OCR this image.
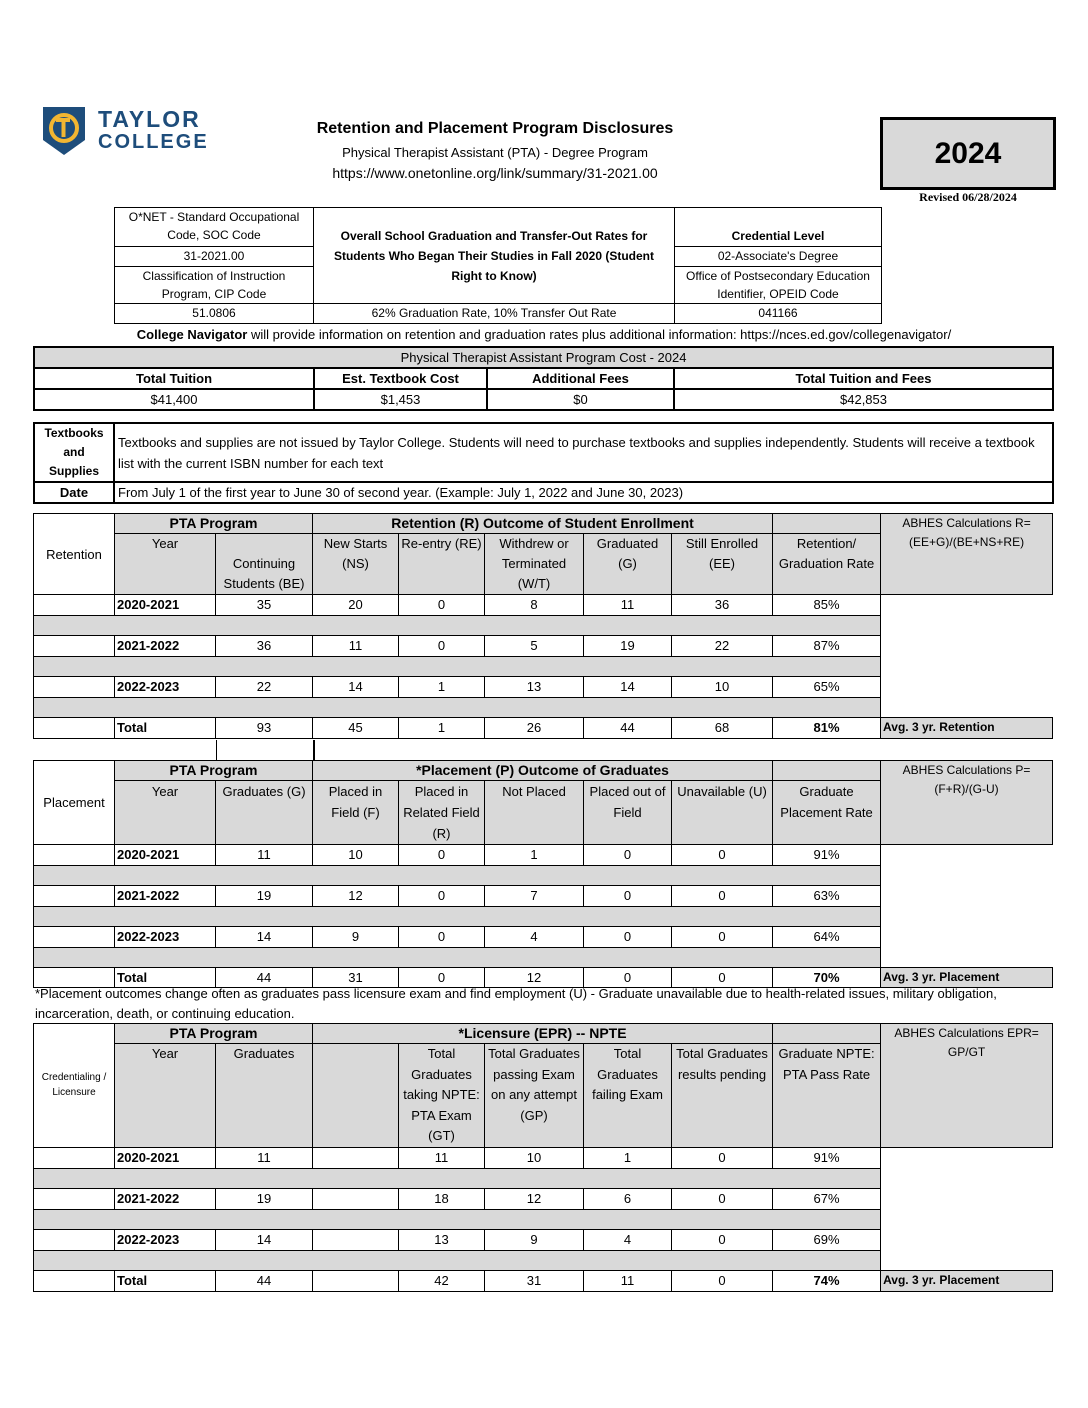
TAYLOR
COLLEGE
Retention and Placement Program Disclosures
Physical Therapist Assistant (PTA) - Degree Program
https://www.onetonline.org/link/summary/31-2021.00
2024
Revised 06/28/2024
O*NET - Standard Occupational Code, SOC Code	Overall School Graduation and Transfer-Out Rates for Students Who Began Their Studies in Fall 2020 (Student Right to Know)	Credential Level
31-2021.00		02-Associate's Degree
Classification of Instruction Program, CIP Code		Office of Postsecondary Education Identifier, OPEID Code
51.0806	62% Graduation Rate, 10% Transfer Out Rate	041166
College Navigator will provide information on retention and graduation rates plus additional information: https://nces.ed.gov/collegenavigator/
Physical Therapist Assistant Program Cost - 2024			
Total Tuition	Est. Textbook Cost	Additional Fees	Total Tuition and Fees
$41,400	$1,453	$0	$42,853
Textbooks and Supplies	Textbooks and supplies are not issued by Taylor College. Students will need to purchase textbooks and supplies independently. Students will receive a textbook list with the current ISBN number for each text
Date	From July 1 of the first year to June 30 of second year. (Example: July 1, 2022 and June 30, 2023)
Retention	PTA Program		Retention (R) Outcome of Student Enrollment						ABHES Calculations R=(EE+G)/(BE+NS+RE)
	Year	Continuing Students (BE)	New Starts (NS)	Re-entry (RE)	Withdrew or Terminated (W/T)	Graduated (G)	Still Enrolled (EE)	Retention/ Graduation Rate	
	2020-2021	35	20	0	8	11	36	85%	

	2021-2022	36	11	0	5	19	22	87%	

	2022-2023	22	14	1	13	14	10	65%	

	Total	93	45	1	26	44	68	81%	Avg. 3 yr. Retention
Placement	PTA Program		*Placement (P) Outcome of Graduates						ABHES Calculations P=(F+R)/(G-U)
	Year	Graduates (G)	Placed in Field (F)	Placed in Related Field (R)	Not Placed	Placed out of Field	Unavailable (U)	Graduate Placement Rate	
	2020-2021	11	10	0	1	0	0	91%	

	2021-2022	19	12	0	7	0	0	63%	

	2022-2023	14	9	0	4	0	0	64%	

	Total	44	31	0	12	0	0	70%	Avg. 3 yr. Placement
*Placement outcomes change often as graduates pass licensure exam and find employment (U) - Graduate unavailable due to health-related issues, military obligation, incarceration, death, or continuing education.
Credentialing / Licensure	PTA Program		*Licensure (EPR) -- NPTE						ABHES Calculations EPR= GP/GT
	Year	Graduates		Total Graduates taking NPTE: PTA Exam (GT)	Total Graduates passing Exam on any attempt (GP)	Total Graduates failing Exam	Total Graduates results pending	Graduate NPTE: PTA Pass Rate	
	2020-2021	11		11	10	1	0	91%	

	2021-2022	19		18	12	6	0	67%	

	2022-2023	14		13	9	4	0	69%	

	Total	44		42	31	11	0	74%	Avg. 3 yr. Placement
